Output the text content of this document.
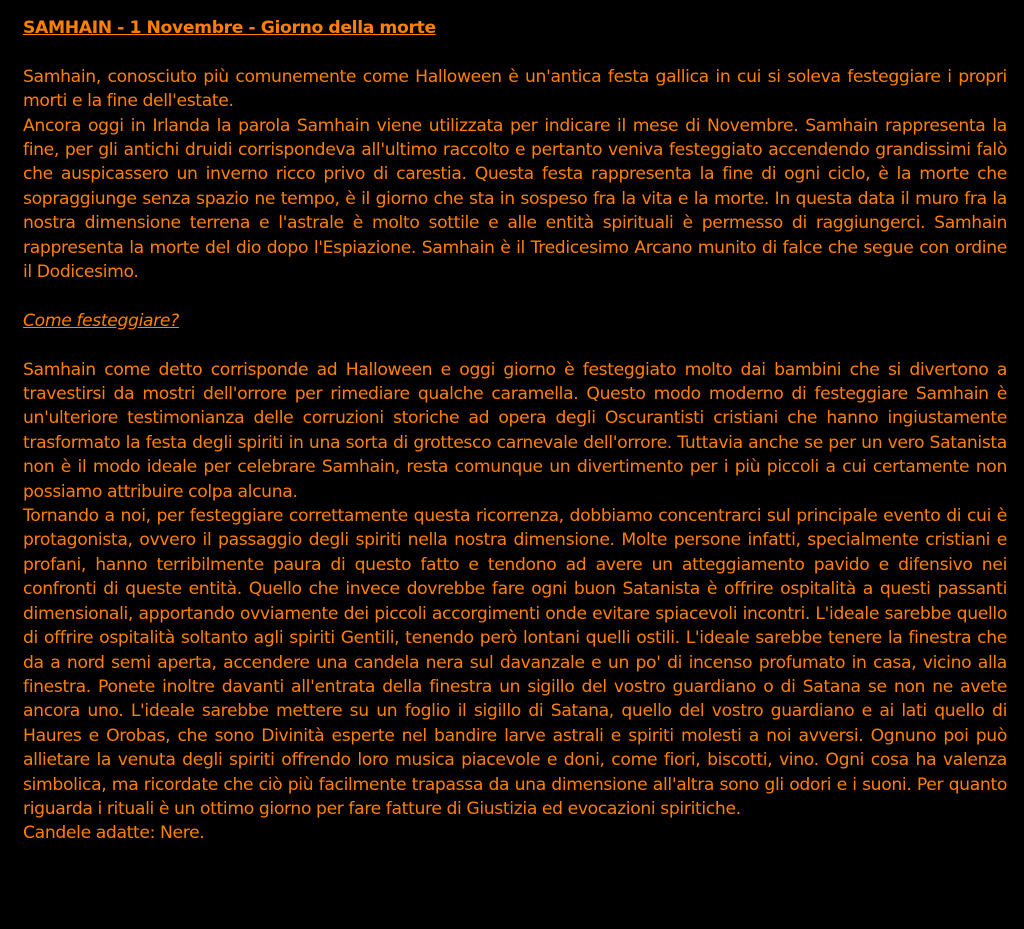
SAMHAIN - 1 Novembre - Giorno della morte

Samhain, conosciuto più comunemente come Halloween è un'antica festa gallica in cui si soleva festeggiare i propri morti e la fine dell'estate.

Ancora oggi in Irlanda la parola Samhain viene utilizzata per indicare il mese di Novembre. Samhain rappresenta la fine, per gli antichi druidi corrispondeva all'ultimo raccolto e pertanto veniva festeggiato accendendo grandissimi falò che auspicassero un inverno ricco privo di carestia. Questa festa rappresenta la fine di ogni ciclo, è la morte che sopraggiunge senza spazio ne tempo, è il giorno che sta in sospeso fra la vita e la morte. In questa data il muro fra la nostra dimensione terrena e l'astrale è molto sottile e alle entità spirituali è permesso di raggiungerci. Samhain rappresenta la morte del dio dopo l'Espiazione. Samhain è il Tredicesimo Arcano munito di falce che segue con ordine il Dodicesimo.

Come festeggiare?

Samhain come detto corrisponde ad Halloween e oggi giorno è festeggiato molto dai bambini che si divertono a travestirsi da mostri dell'orrore per rimediare qualche caramella. Questo modo moderno di festeggiare Samhain è un'ulteriore testimonianza delle corruzioni storiche ad opera degli Oscurantisti cristiani che hanno ingiustamente trasformato la festa degli spiriti in una sorta di grottesco carnevale dell'orrore. Tuttavia anche se per un vero Satanista non è il modo ideale per celebrare Samhain, resta comunque un divertimento per i più piccoli a cui certamente non possiamo attribuire colpa alcuna.

Tornando a noi, per festeggiare correttamente questa ricorrenza, dobbiamo concentrarci sul principale evento di cui è protagonista, ovvero il passaggio degli spiriti nella nostra dimensione. Molte persone infatti, specialmente cristiani e profani, hanno terribilmente paura di questo fatto e tendono ad avere un atteggiamento pavido e difensivo nei confronti di queste entità. Quello che invece dovrebbe fare ogni buon Satanista è offrire ospitalità a questi passanti dimensionali, apportando ovviamente dei piccoli accorgimenti onde evitare spiacevoli incontri. L'ideale sarebbe quello di offrire ospitalità soltanto agli spiriti Gentili, tenendo però lontani quelli ostili. L'ideale sarebbe tenere la finestra che da a nord semi aperta, accendere una candela nera sul davanzale e un po' di incenso profumato in casa, vicino alla finestra. Ponete inoltre davanti all'entrata della finestra un sigillo del vostro guardiano o di Satana se non ne avete ancora uno. L'ideale sarebbe mettere su un foglio il sigillo di Satana, quello del vostro guardiano e ai lati quello di Haures e Orobas, che sono Divinità esperte nel bandire larve astrali e spiriti molesti a noi avversi. Ognuno poi può allietare la venuta degli spiriti offrendo loro musica piacevole e doni, come fiori, biscotti, vino. Ogni cosa ha valenza simbolica, ma ricordate che ciò più facilmente trapassa da una dimensione all'altra sono gli odori e i suoni. Per quanto riguarda i rituali è un ottimo giorno per fare fatture di Giustizia ed evocazioni spiritiche.

Candele adatte: Nere.
